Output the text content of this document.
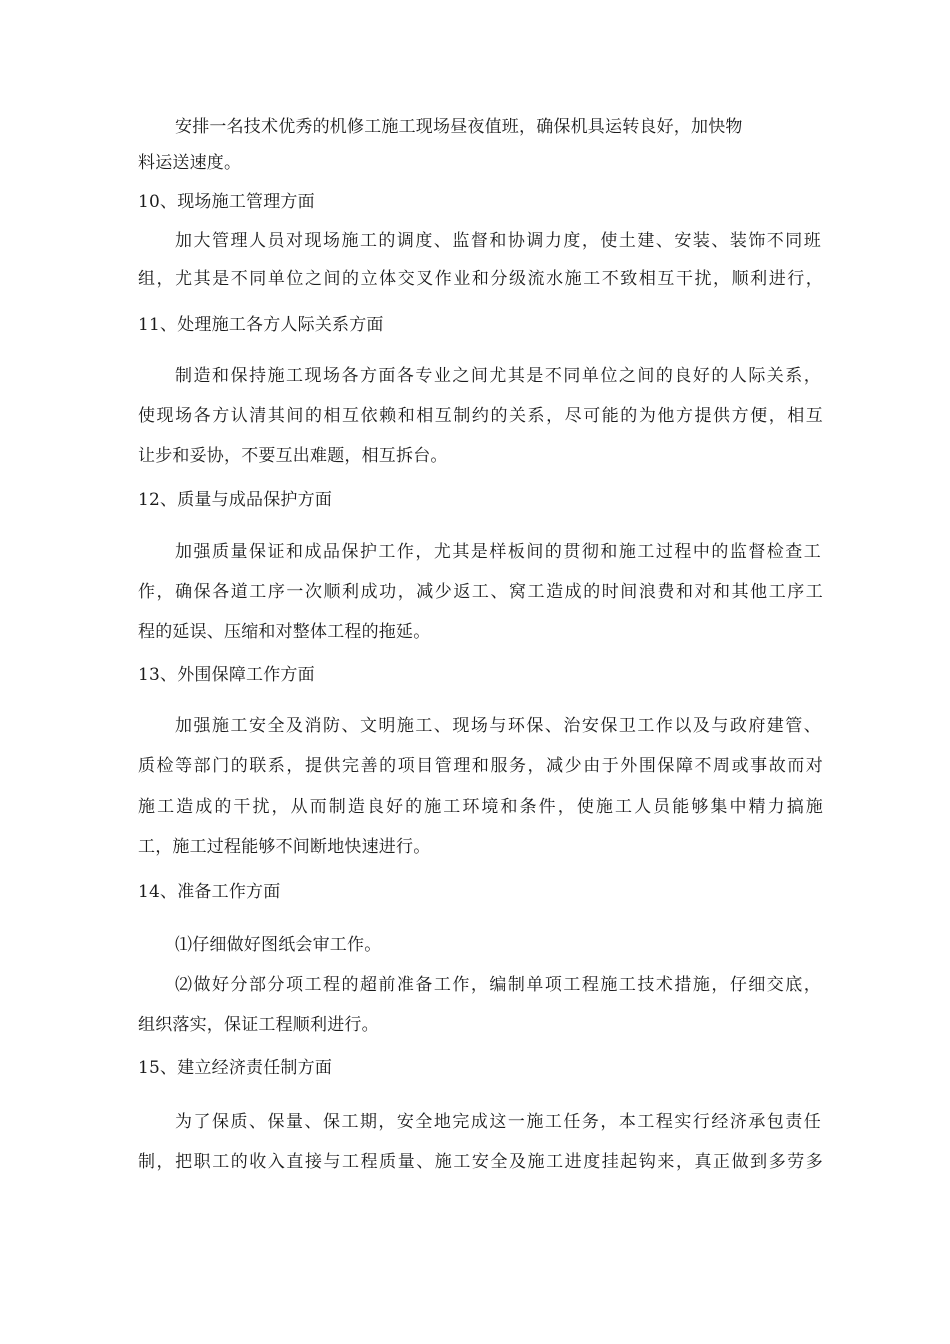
安排一名技术优秀的机修工施工现场昼夜值班，确保机具运转良好，加快物
料运送速度。
10、现场施工管理方面
加大管理人员对现场施工的调度、监督和协调力度，使土建、安装、装饰不同班
组，尤其是不同单位之间的立体交叉作业和分级流水施工不致相互干扰，顺利进行，
11、处理施工各方人际关系方面
制造和保持施工现场各方面各专业之间尤其是不同单位之间的良好的人际关系，
使现场各方认清其间的相互依赖和相互制约的关系，尽可能的为他方提供方便，相互
让步和妥协，不要互出难题，相互拆台。
12、质量与成品保护方面
加强质量保证和成品保护工作，尤其是样板间的贯彻和施工过程中的监督检查工
作，确保各道工序一次顺利成功，减少返工、窝工造成的时间浪费和对和其他工序工
程的延误、压缩和对整体工程的拖延。
13、外围保障工作方面
加强施工安全及消防、文明施工、现场与环保、治安保卫工作以及与政府建管、
质检等部门的联系，提供完善的项目管理和服务，减少由于外围保障不周或事故而对
施工造成的干扰，从而制造良好的施工环境和条件，使施工人员能够集中精力搞施
工，施工过程能够不间断地快速进行。
14、准备工作方面
⑴仔细做好图纸会审工作。
⑵做好分部分项工程的超前准备工作，编制单项工程施工技术措施，仔细交底，
组织落实，保证工程顺利进行。
15、建立经济责任制方面
为了保质、保量、保工期，安全地完成这一施工任务，本工程实行经济承包责任
制，把职工的收入直接与工程质量、施工安全及施工进度挂起钩来，真正做到多劳多
